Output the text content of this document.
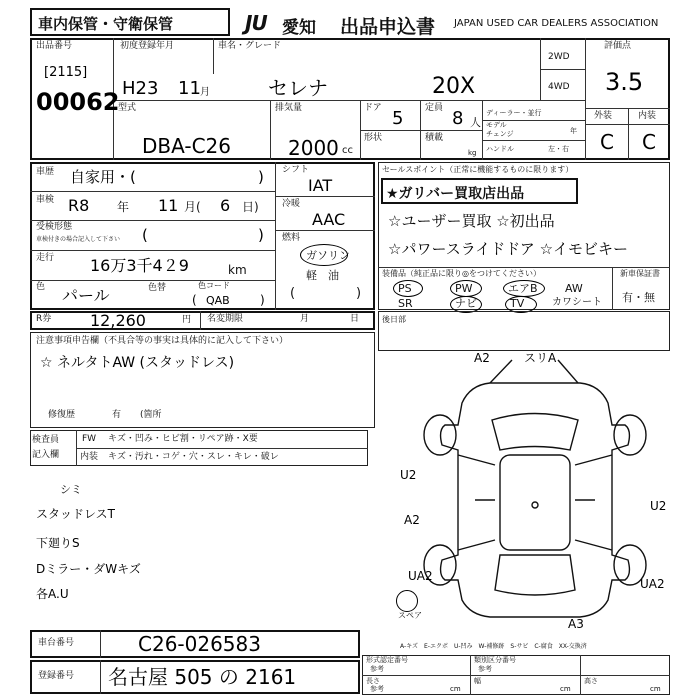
車内保管・守衛保管	JU 愛知 出品申込書 JAPAN USED CAR DEALERS ASSOCIATION
出品番号
[2115]
00062
初度登録年月
H23 11 月
車名・グレード
セレナ	20X
2WD
4WD
評価点
3.5
型式
DBA-C26
排気量
2000 cc
ドア 5
形状
定員 8 人
積載
kg
ディーラー・並行
モデル
チェンジ	年
ハンドル	左・右
外装	内装
C C
車歴 自家用・(	)
車検 R8 年 11 月( 6 日)
受検形態
車検付きの場合記入して下さい (	)
走行 16万3千4２9	km
色 パール	色替	色コード
( QAB	)
シフト
IAT
冷暖
AAC
燃料
ガソリン
軽　油
(	)
セールスポイント（正常に機能するものに限ります）
★ガリバー買取店出品
☆ユーザー買取 ☆初出品
☆パワースライドドア ☆イモビキー
装備品（純正品に限り◎をつけてください）	新車保証書
有・無
PS	PW	エアB AW
SR	ナビ	TV	カワシート
R券 12,260	円 名変期限	月	日	後日部
注意事項申告欄（不具合等の事実は具体的に記入して下さい）
☆ ネルタトAW (スタッドレス)
修復歴	有 (箇所
検査員
記入欄
FW キズ・凹み・ヒビ割・リペア跡・X要
内装 キズ・汚れ・コゲ・穴・スレ・キレ・破レ
シミ
スタッドレスT
下廻りS
Dミラー・ダWキズ
各A.U
A2	スリA
U2
A2
UA2
U2
UA2
A3
スペア
A-キズ　E-エクボ　U-凹み　W-補修跡　S-サビ　C-腐食　XX-交換済
車台番号	C26-026583
登録番号 名古屋 505 の 2161
形式認定番号
参考
類別区分番号
参考
参考
長さ
cm
幅
cm
高さ
cm
